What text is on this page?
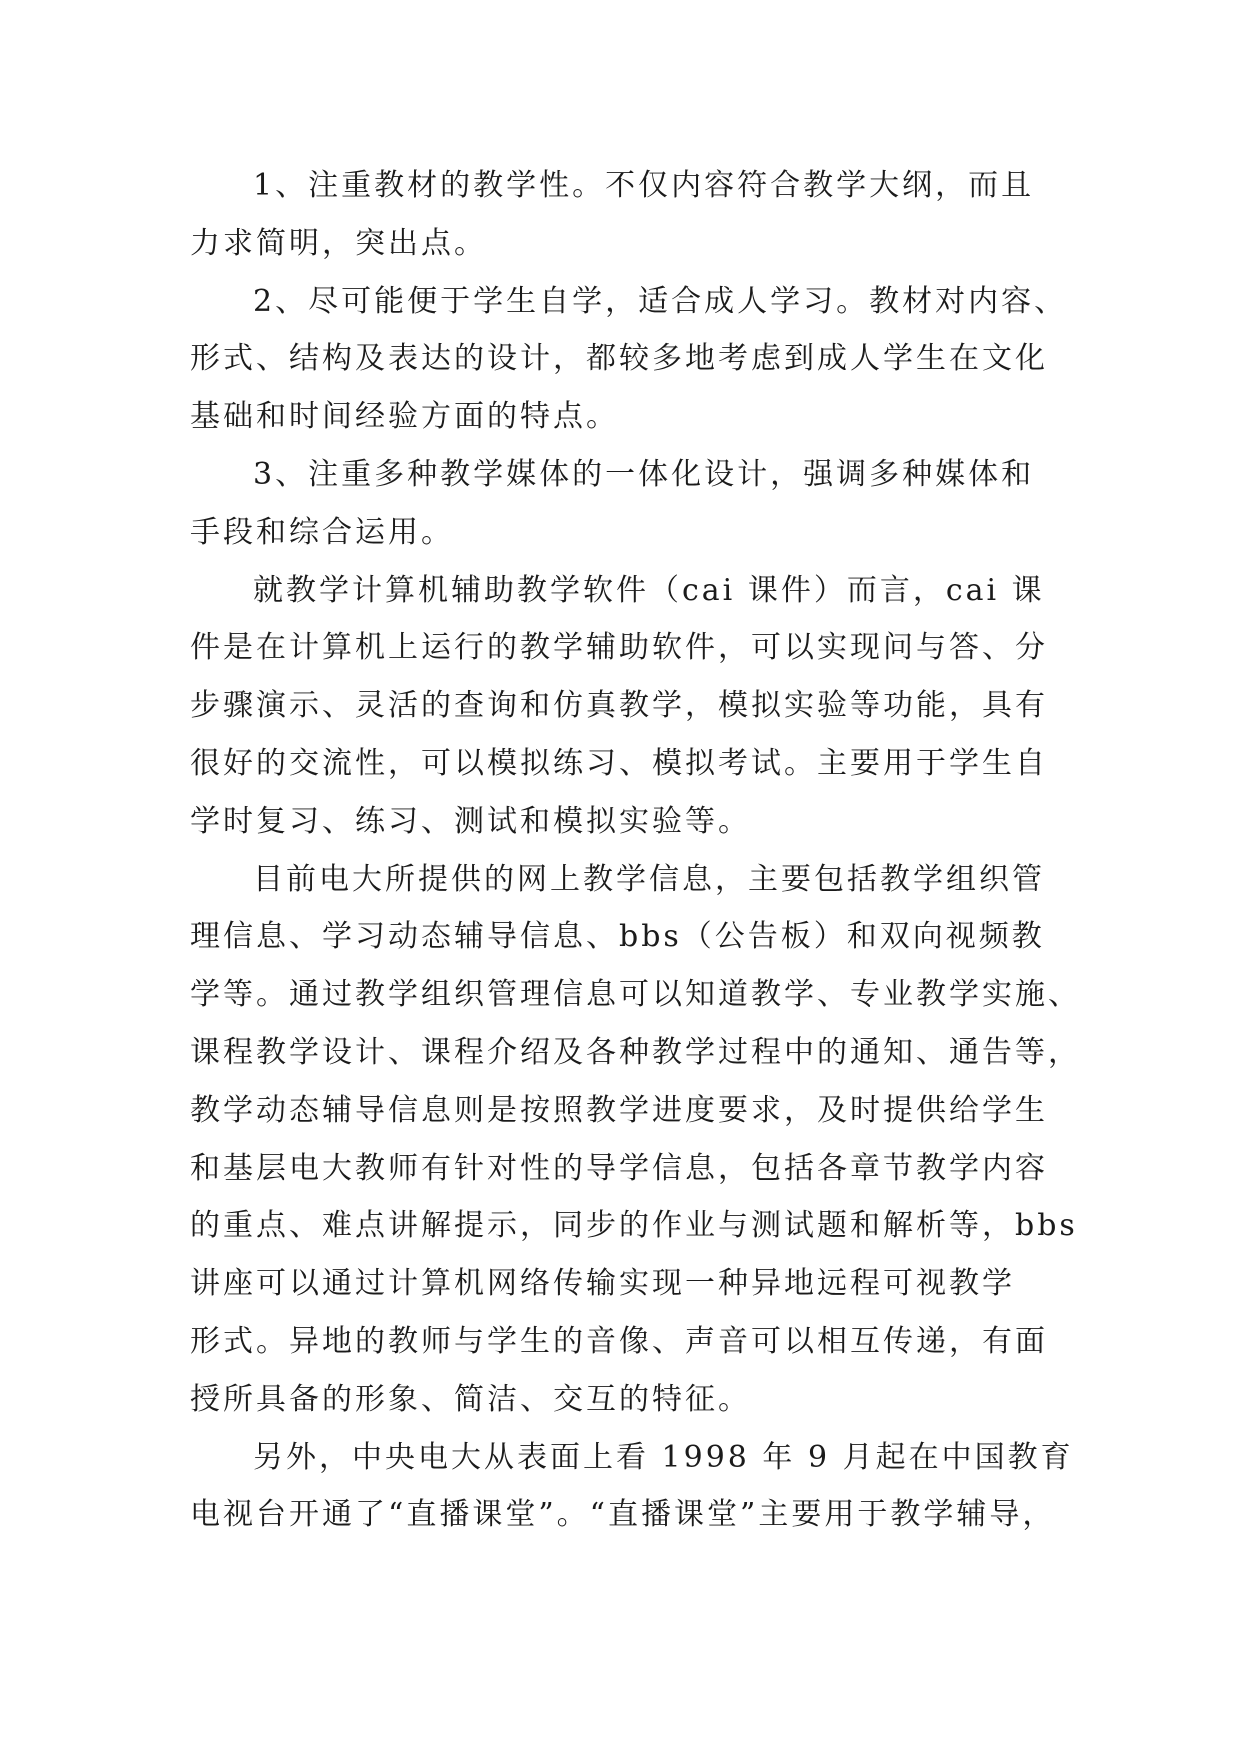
1、注重教材的教学性。不仅内容符合教学大纲，而且
力求简明，突出点。
2、尽可能便于学生自学，适合成人学习。教材对内容、
形式、结构及表达的设计，都较多地考虑到成人学生在文化
基础和时间经验方面的特点。
3、注重多种教学媒体的一体化设计，强调多种媒体和
手段和综合运用。
就教学计算机辅助教学软件（cai 课件）而言，cai 课
件是在计算机上运行的教学辅助软件，可以实现问与答、分
步骤演示、灵活的查询和仿真教学，模拟实验等功能，具有
很好的交流性，可以模拟练习、模拟考试。主要用于学生自
学时复习、练习、测试和模拟实验等。
目前电大所提供的网上教学信息，主要包括教学组织管
理信息、学习动态辅导信息、bbs（公告板）和双向视频教
学等。通过教学组织管理信息可以知道教学、专业教学实施、
课程教学设计、课程介绍及各种教学过程中的通知、通告等，
教学动态辅导信息则是按照教学进度要求，及时提供给学生
和基层电大教师有针对性的导学信息，包括各章节教学内容
的重点、难点讲解提示，同步的作业与测试题和解析等，bbs
讲座可以通过计算机网络传输实现一种异地远程可视教学
形式。异地的教师与学生的音像、声音可以相互传递，有面
授所具备的形象、简洁、交互的特征。
另外，中央电大从表面上看 1998 年 9 月起在中国教育
电视台开通了“直播课堂”。“直播课堂”主要用于教学辅导，
